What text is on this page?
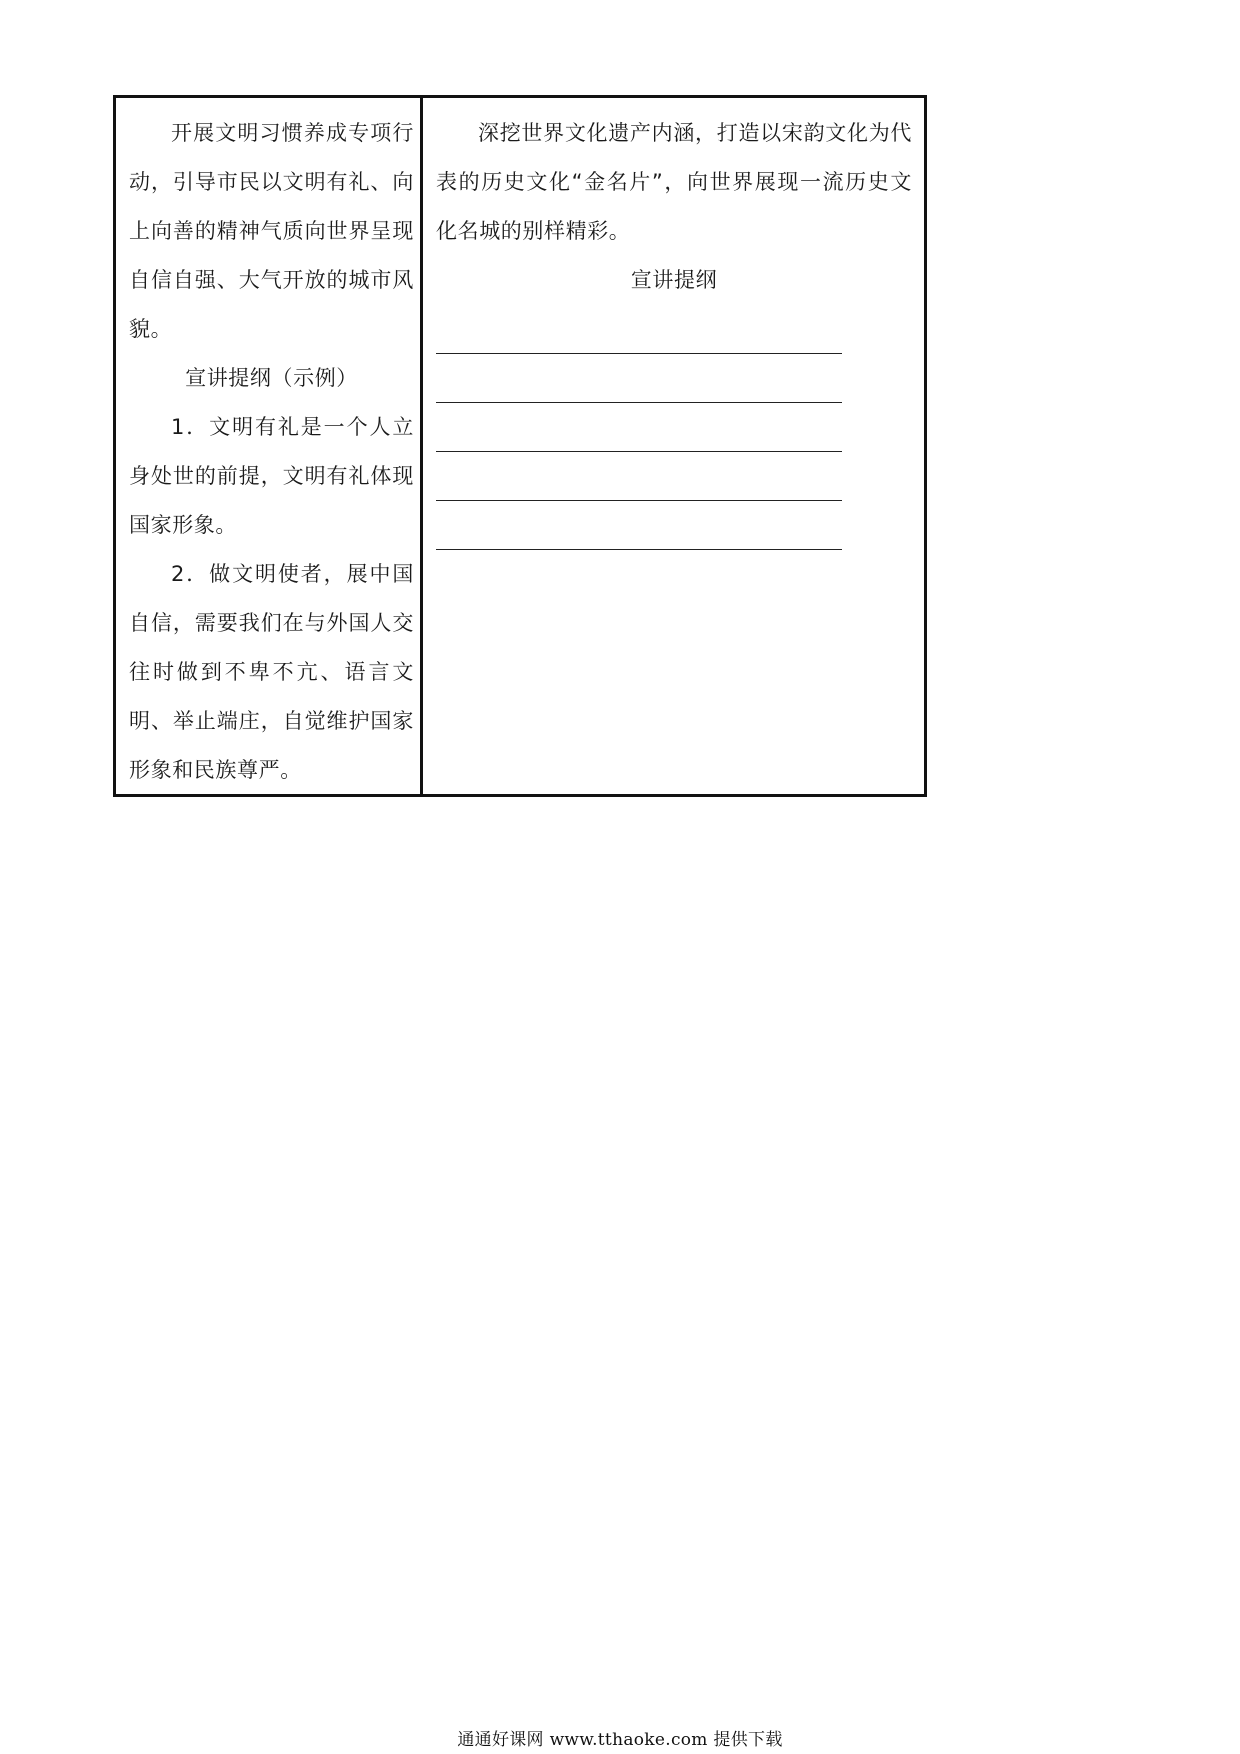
开展文明习惯养成专项行动，引导市民以文明有礼、向上向善的精神气质向世界呈现自信自强、大气开放的城市风貌。

宣讲提纲（示例）

1．文明有礼是一个人立身处世的前提，文明有礼体现国家形象。

2．做文明使者，展中国自信，需要我们在与外国人交往时做到不卑不亢、语言文明、举止端庄，自觉维护国家形象和民族尊严。

深挖世界文化遗产内涵，打造以宋韵文化为代表的历史文化“金名片”，向世界展现一流历史文化名城的别样精彩。

宣讲提纲

通通好课网 www.tthaoke.com 提供下载
